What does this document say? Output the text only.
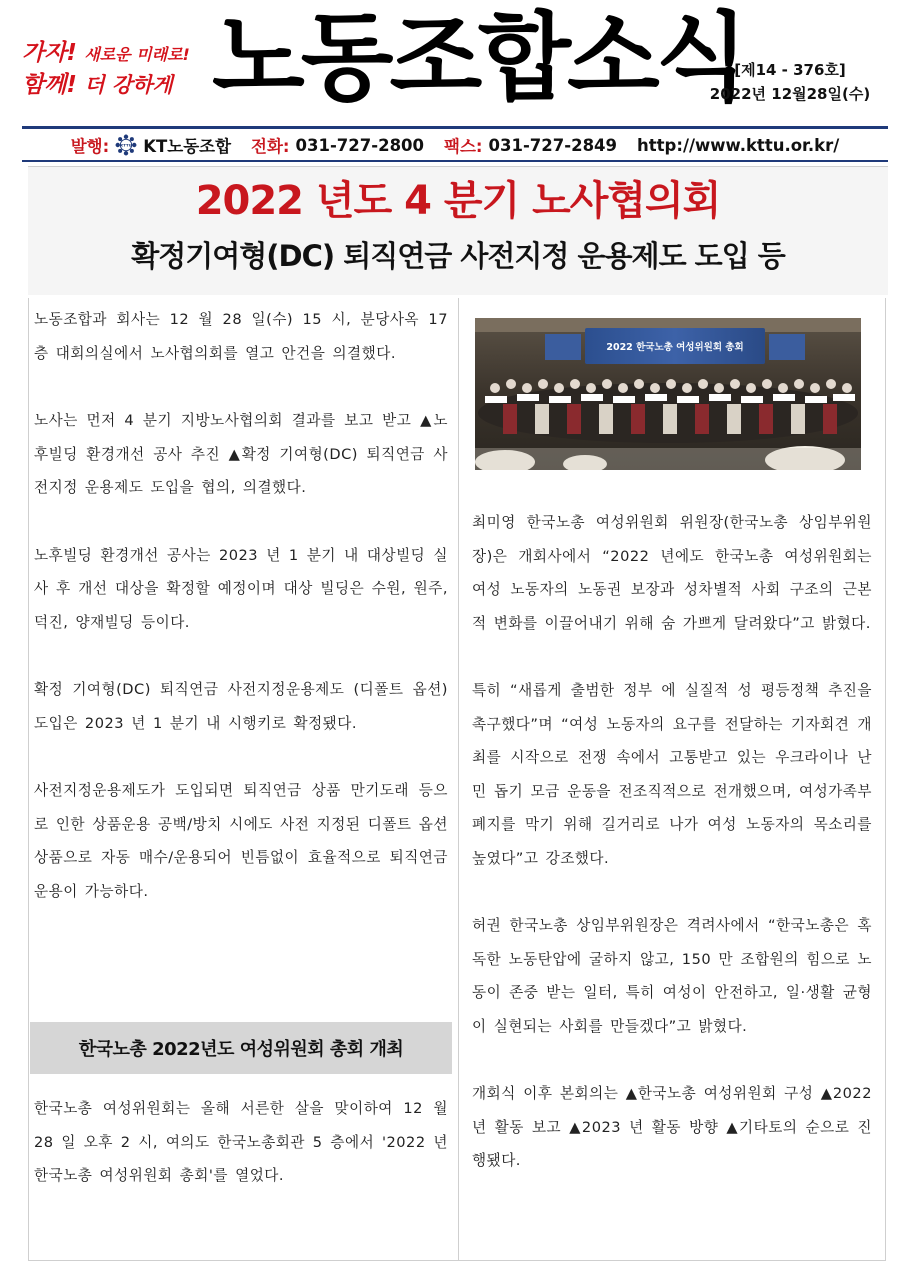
가자! 새로운 미래로!
함께! 더 강하게 노동조합소식
[제14 - 376호]
2022년 12월28일(수)
발행:	KTTU KT노동조합 전화: 031-727-2800 팩스: 031-727-2849 http://www.kttu.or.kr/
2022 년도 4 분기 노사협의회
확정기여형(DC) 퇴직연금 사전지정 운용제도 도입 등

노동조합과 회사는 12 월 28 일(수) 15 시, 분당사옥 17 층 대회의실에서 노사협의회를 열고 안건을 의결했다.

노사는 먼저 4 분기 지방노사협의회 결과를 보고 받고 ▲노후빌딩 환경개선 공사 추진 ▲확정 기여형(DC) 퇴직연금 사전지정 운용제도 도입을 협의, 의결했다.

노후빌딩 환경개선 공사는 2023 년 1 분기 내 대상빌딩 실사 후 개선 대상을 확정할 예정이며 대상 빌딩은 수원, 원주, 덕진, 양재빌딩 등이다.

확정 기여형(DC) 퇴직연금 사전지정운용제도 (디폴트 옵션) 도입은 2023 년 1 분기 내 시행키로 확정됐다.

사전지정운용제도가 도입되면 퇴직연금 상품 만기도래 등으로 인한 상품운용 공백/방치 시에도 사전 지정된 디폴트 옵션 상품으로 자동 매수/운용되어 빈틈없이 효율적으로 퇴직연금 운용이 가능하다.

한국노총 2022년도 여성위원회 총회 개최

한국노총 여성위원회는 올해 서른한 살을 맞이하여 12 월 28 일 오후 2 시, 여의도 한국노총회관 5 층에서 '2022 년 한국노총 여성위원회 총회'를 열었다.

2022 한국노총 여성위원회 총회

최미영 한국노총 여성위원회 위원장(한국노총 상임부위원장)은 개회사에서 “2022 년에도 한국노총 여성위원회는 여성 노동자의 노동권 보장과 성차별적 사회 구조의 근본적 변화를 이끌어내기 위해 숨 가쁘게 달려왔다”고 밝혔다.

특히 “새롭게 출범한 정부 에 실질적 성 평등정책 추진을 촉구했다”며 “여성 노동자의 요구를 전달하는 기자회견 개최를 시작으로 전쟁 속에서 고통받고 있는 우크라이나 난민 돕기 모금 운동을 전조직적으로 전개했으며, 여성가족부 폐지를 막기 위해 길거리로 나가 여성 노동자의 목소리를 높였다”고 강조했다.

허권 한국노총 상임부위원장은 격려사에서 “한국노총은 혹독한 노동탄압에 굴하지 않고, 150 만 조합원의 힘으로 노동이 존중 받는 일터, 특히 여성이 안전하고, 일·생활 균형이 실현되는 사회를 만들겠다”고 밝혔다.

개회식 이후 본회의는 ▲한국노총 여성위원회 구성 ▲2022 년 활동 보고 ▲2023 년 활동 방향 ▲기타토의 순으로 진행됐다.
